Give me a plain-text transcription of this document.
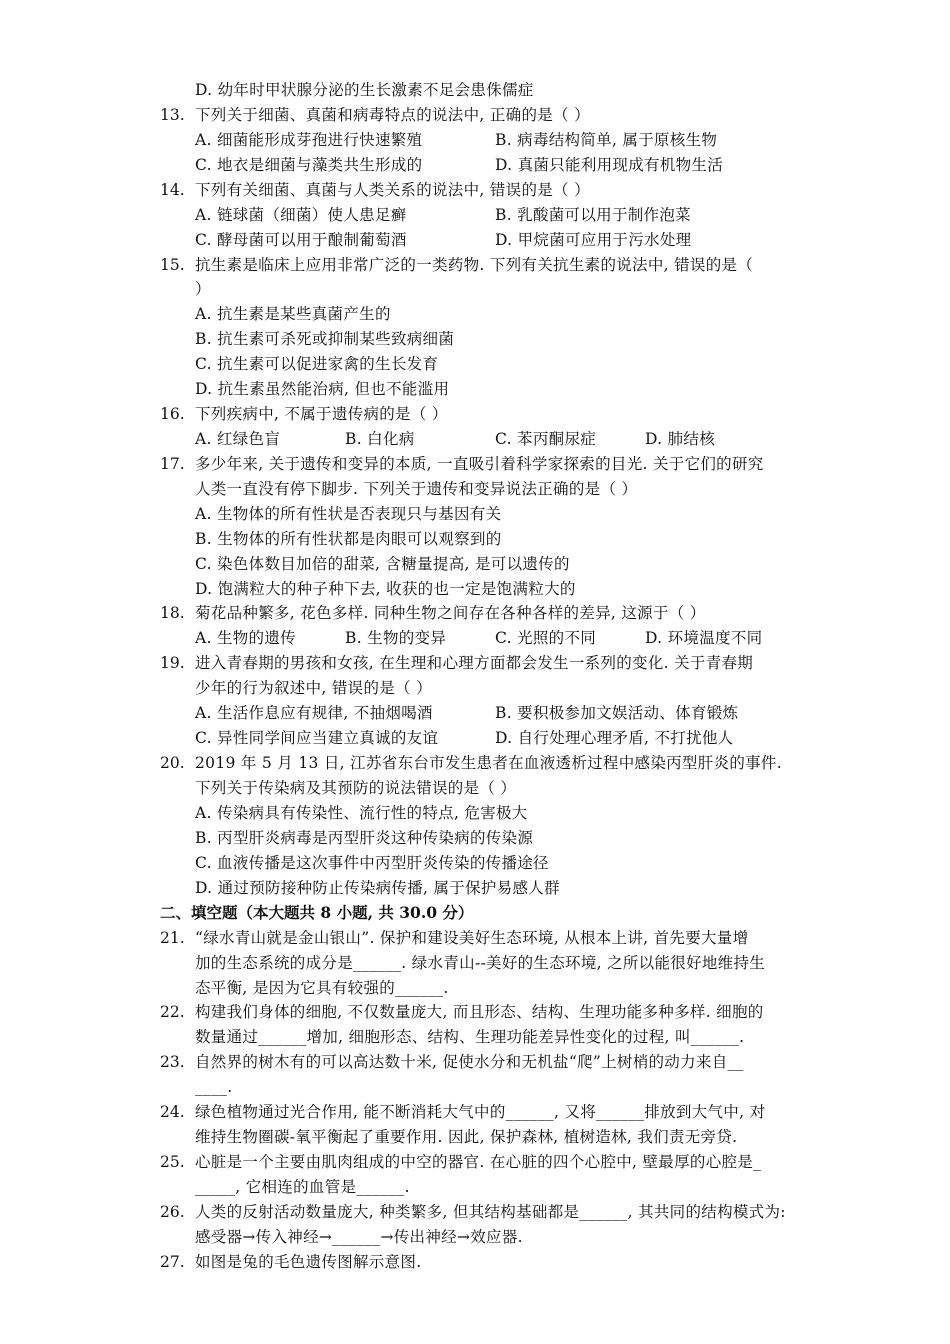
二、填空题（本大题共 8 小题, 共 30.0 分）
D. 幼年时甲状腺分泌的生长激素不足会患侏儒症
13. 下列关于细菌、真菌和病毒特点的说法中, 正确的是（ ）
A. 细菌能形成芽孢进行快速繁殖	B. 病毒结构简单, 属于原核生物
C. 地衣是细菌与藻类共生形成的	D. 真菌只能利用现成有机物生活
14. 下列有关细菌、真菌与人类关系的说法中, 错误的是（ ）
A. 链球菌（细菌）使人患足癣	B. 乳酸菌可以用于制作泡菜
C. 酵母菌可以用于酿制葡萄酒	D. 甲烷菌可应用于污水处理
15. 抗生素是临床上应用非常广泛的一类药物. 下列有关抗生素的说法中, 错误的是（
）
A. 抗生素是某些真菌产生的
B. 抗生素可杀死或抑制某些致病细菌
C. 抗生素可以促进家禽的生长发育
D. 抗生素虽然能治病, 但也不能滥用
16. 下列疾病中, 不属于遗传病的是（ ）
A. 红绿色盲	B. 白化病	C. 苯丙酮尿症	D. 肺结核
17. 多少年来, 关于遗传和变异的本质, 一直吸引着科学家探索的目光. 关于它们的研究
人类一直没有停下脚步. 下列关于遗传和变异说法正确的是（ ）
A. 生物体的所有性状是否表现只与基因有关
B. 生物体的所有性状都是肉眼可以观察到的
C. 染色体数目加倍的甜菜, 含糖量提高, 是可以遗传的
D. 饱满粒大的种子种下去, 收获的也一定是饱满粒大的
18. 菊花品种繁多, 花色多样. 同种生物之间存在各种各样的差异, 这源于（ ）
A. 生物的遗传	B. 生物的变异	C. 光照的不同	D. 环境温度不同
19. 进入青春期的男孩和女孩, 在生理和心理方面都会发生一系列的变化. 关于青春期
少年的行为叙述中, 错误的是（ ）
A. 生活作息应有规律, 不抽烟喝酒	B. 要积极参加文娱活动、体育锻炼
C. 异性同学间应当建立真诚的友谊	D. 自行处理心理矛盾, 不打扰他人
20. 2019 年 5 月 13 日, 江苏省东台市发生患者在血液透析过程中感染丙型肝炎的事件.
下列关于传染病及其预防的说法错误的是（ ）
A. 传染病具有传染性、流行性的特点, 危害极大
B. 丙型肝炎病毒是丙型肝炎这种传染病的传染源
C. 血液传播是这次事件中丙型肝炎传染的传播途径
D. 通过预防接种防止传染病传播, 属于保护易感人群
21. “绿水青山就是金山银山”. 保护和建设美好生态环境, 从根本上讲, 首先要大量增
加的生态系统的成分是______. 绿水青山--美好的生态环境, 之所以能很好地维持生
态平衡, 是因为它具有较强的______.
22. 构建我们身体的细胞, 不仅数量庞大, 而且形态、结构、生理功能多种多样. 细胞的
数量通过______增加, 细胞形态、结构、生理功能差异性变化的过程, 叫______.
23. 自然界的树木有的可以高达数十米, 促使水分和无机盐“爬”上树梢的动力来自__
____.
24. 绿色植物通过光合作用, 能不断消耗大气中的______, 又将______排放到大气中, 对
维持生物圈碳-氧平衡起了重要作用. 因此, 保护森林, 植树造林, 我们责无旁贷.
25. 心脏是一个主要由肌肉组成的中空的器官. 在心脏的四个心腔中, 壁最厚的心腔是_
_____, 它相连的血管是______.
26. 人类的反射活动数量庞大, 种类繁多, 但其结构基础都是______, 其共同的结构模式为:
感受器→传入神经→______→传出神经→效应器.
27. 如图是兔的毛色遗传图解示意图.
